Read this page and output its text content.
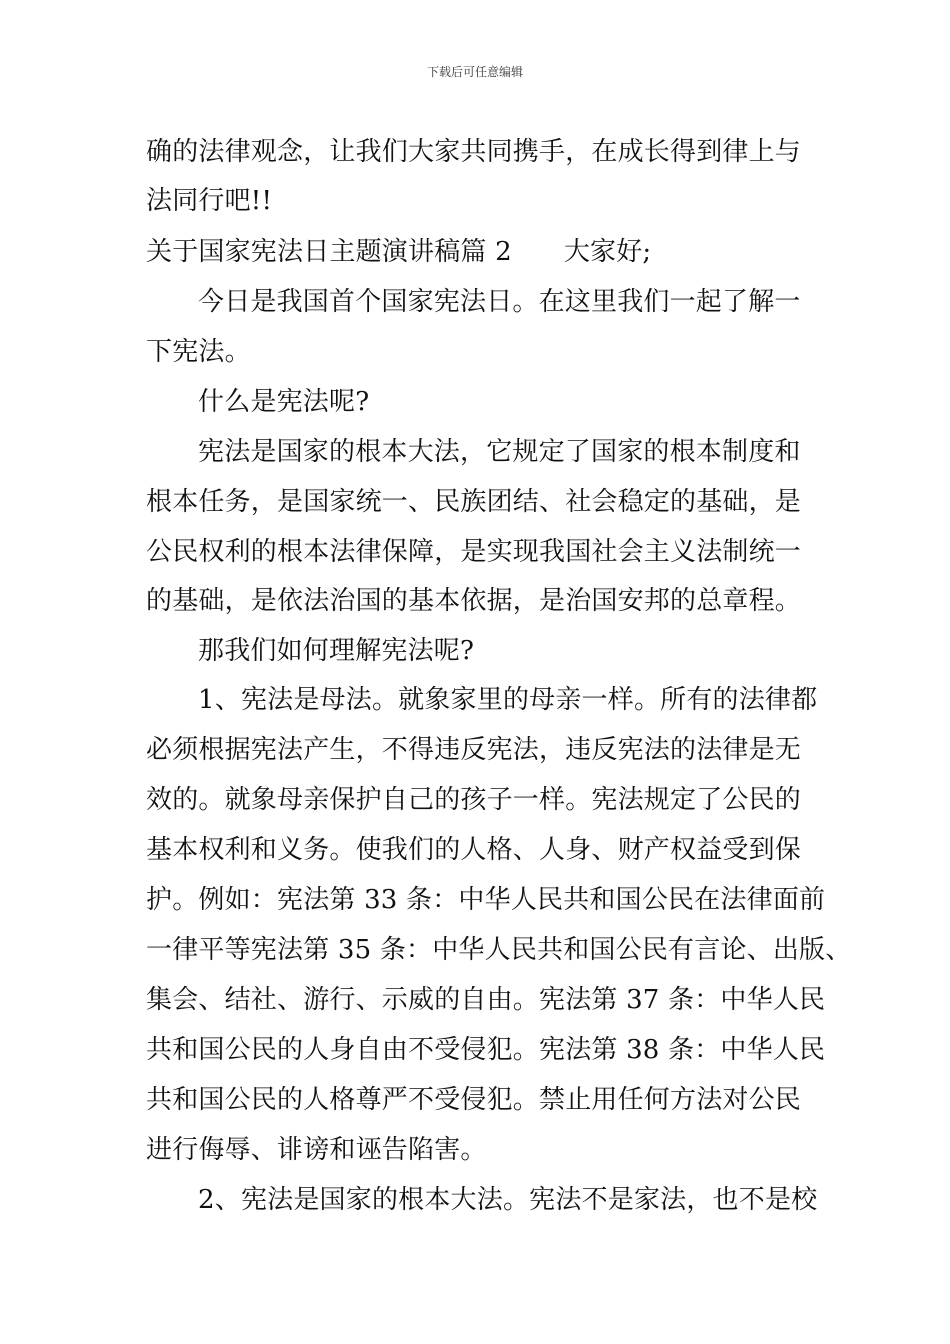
下载后可任意编辑
确的法律观念，让我们大家共同携手，在成长得到律上与
法同行吧!!
关于国家宪法日主题演讲稿篇 2 大家好;
今日是我国首个国家宪法日。在这里我们一起了解一
下宪法。
什么是宪法呢?
宪法是国家的根本大法，它规定了国家的根本制度和
根本任务，是国家统一、民族团结、社会稳定的基础，是
公民权利的根本法律保障，是实现我国社会主义法制统一
的基础，是依法治国的基本依据，是治国安邦的总章程。
那我们如何理解宪法呢?
1、宪法是母法。就象家里的母亲一样。所有的法律都
必须根据宪法产生，不得违反宪法，违反宪法的法律是无
效的。就象母亲保护自己的孩子一样。宪法规定了公民的
基本权利和义务。使我们的人格、人身、财产权益受到保
护。例如：宪法第 33 条：中华人民共和国公民在法律面前
一律平等宪法第 35 条：中华人民共和国公民有言论、出版、
集会、结社、游行、示威的自由。宪法第 37 条：中华人民
共和国公民的人身自由不受侵犯。宪法第 38 条：中华人民
共和国公民的人格尊严不受侵犯。禁止用任何方法对公民
进行侮辱、诽谤和诬告陷害。
2、宪法是国家的根本大法。宪法不是家法，也不是校
